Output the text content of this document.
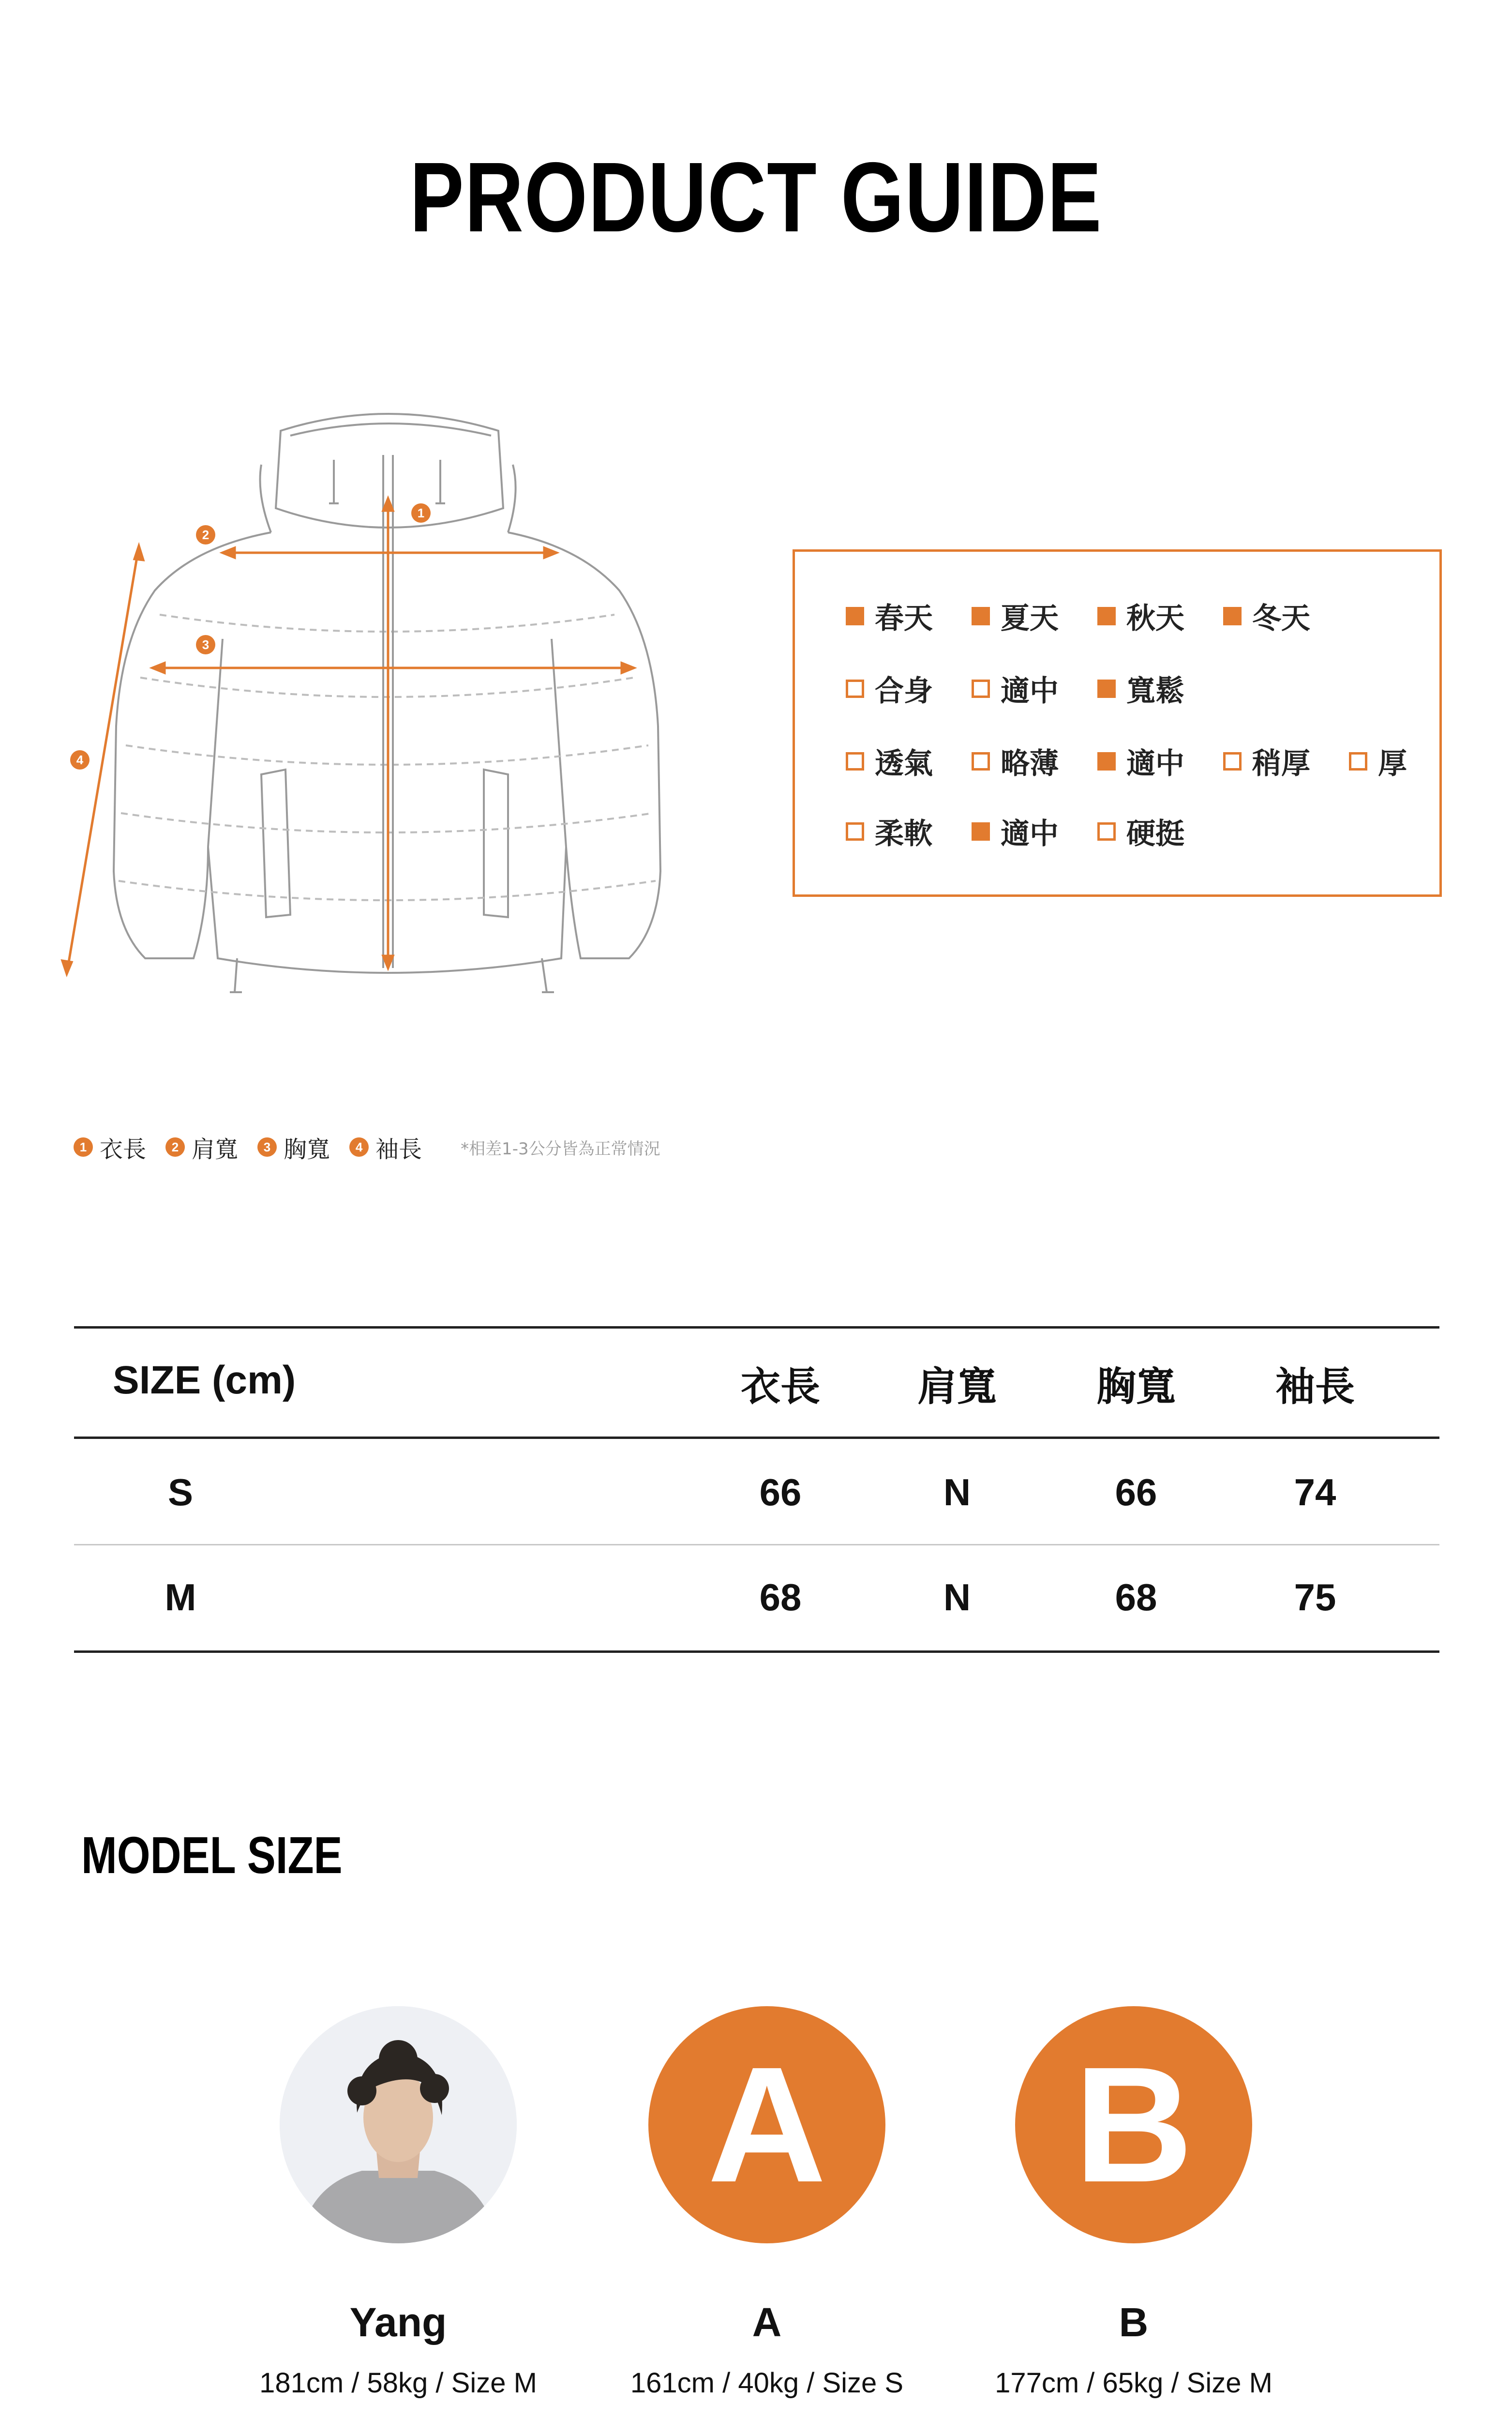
PRODUCT GUIDE
1
2
3
4
春天 夏天 秋天 冬天
合身 適中 寬鬆
透氣 略薄 適中 稍厚 厚
柔軟 適中 硬挺
1 衣長	2 肩寬	3 胸寬	4 袖長 *相差1-3公分皆為正常情況
SIZE (cm)	衣長	肩寬	胸寬	袖長
S	66	N	66	74
M	68	N	68	75
MODEL SIZE
A	B
Yang	A	B
181cm / 58kg / Size M	161cm / 40kg / Size S	177cm / 65kg / Size M
